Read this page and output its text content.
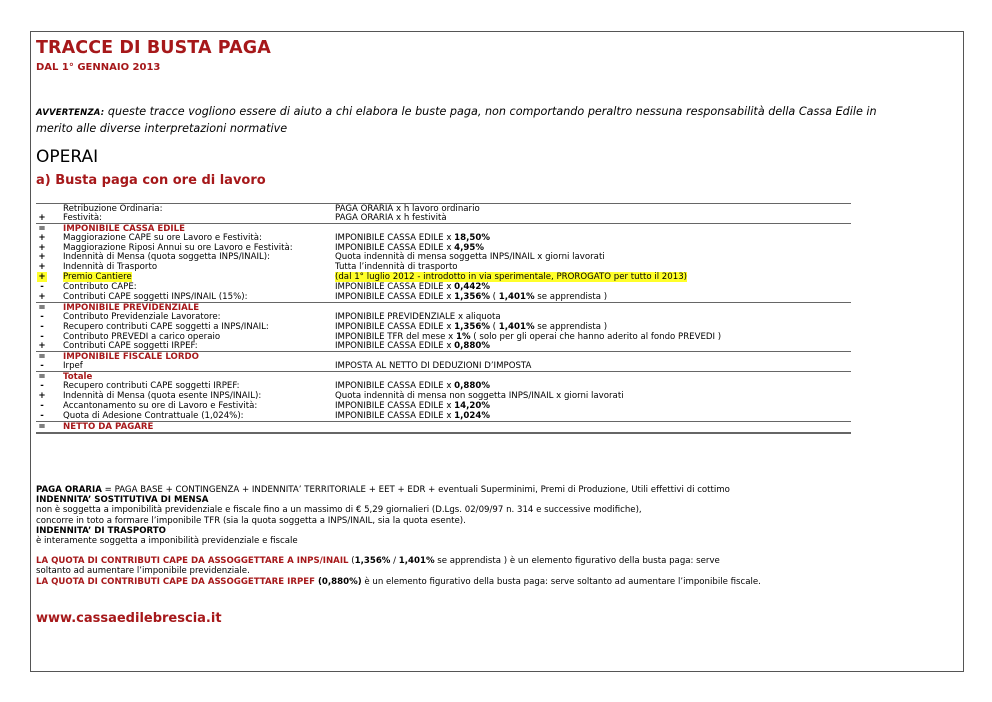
TRACCE DI BUSTA PAGA
DAL 1° GENNAIO 2013
AVVERTENZA: queste tracce vogliono essere di aiuto a chi elabora le buste paga, non comportando peraltro nessuna responsabilità della Cassa Edile in merito alle diverse interpretazioni normative
OPERAI
a) Busta paga con ore di lavoro
Retribuzione Ordinaria:	PAGA ORARIA x h lavoro ordinario
+ Festività:	PAGA ORARIA x h festività
= IMPONIBILE CASSA EDILE
+ Maggiorazione CAPE su ore Lavoro e Festività:	IMPONIBILE CASSA EDILE x 18,50%
+ Maggiorazione Riposi Annui su ore Lavoro e Festività:	IMPONIBILE CASSA EDILE x 4,95%
+ Indennità di Mensa (quota soggetta INPS/INAIL):	Quota indennità di mensa soggetta INPS/INAIL x giorni lavorati
+ Indennità di Trasporto	Tutta l’indennità di trasporto
+ Premio Cantiere	(dal 1° luglio 2012 - introdotto in via sperimentale, PROROGATO per tutto il 2013)
-	Contributo CAPE:	IMPONIBILE CASSA EDILE x 0,442%
+ Contributi CAPE soggetti INPS/INAIL (15%):	IMPONIBILE CASSA EDILE x 1,356% ( 1,401% se apprendista )
= IMPONIBILE PREVIDENZIALE
-	Contributo Previdenziale Lavoratore:	IMPONIBILE PREVIDENZIALE x aliquota
-	Recupero contributi CAPE soggetti a INPS/INAIL:	IMPONIBILE CASSA EDILE x 1,356% ( 1,401% se apprendista )
-	Contributo PREVEDI a carico operaio	IMPONIBILE TFR del mese x 1% ( solo per gli operai che hanno aderito al fondo PREVEDI )
+ Contributi CAPE soggetti IRPEF:	IMPONIBILE CASSA EDILE x 0,880%
= IMPONIBILE FISCALE LORDO
-	Irpef	IMPOSTA AL NETTO DI DEDUZIONI D’IMPOSTA
= Totale
-	Recupero contributi CAPE soggetti IRPEF:	IMPONIBILE CASSA EDILE x 0,880%
+ Indennità di Mensa (quota esente INPS/INAIL):	Quota indennità di mensa non soggetta INPS/INAIL x giorni lavorati
-	Accantonamento su ore di Lavoro e Festività:	IMPONIBILE CASSA EDILE x 14,20%
-	Quota di Adesione Contrattuale (1,024%):	IMPONIBILE CASSA EDILE x 1,024%
= NETTO DA PAGARE

PAGA ORARIA = PAGA BASE + CONTINGENZA + INDENNITA’ TERRITORIALE + EET + EDR + eventuali Superminimi, Premi di Produzione, Utili effettivi di cottimo

INDENNITA’ SOSTITUTIVA DI MENSA

non è soggetta a imponibilità previdenziale e fiscale fino a un massimo di € 5,29 giornalieri (D.Lgs. 02/09/97 n. 314 e successive modifiche),

concorre in toto a formare l’imponibile TFR (sia la quota soggetta a INPS/INAIL, sia la quota esente).

INDENNITA’ DI TRASPORTO

è interamente soggetta a imponibilità previdenziale e fiscale

LA QUOTA DI CONTRIBUTI CAPE DA ASSOGGETTARE A INPS/INAIL (1,356% / 1,401% se apprendista ) è un elemento figurativo della busta paga: serve

soltanto ad aumentare l’imponibile previdenziale.

LA QUOTA DI CONTRIBUTI CAPE DA ASSOGGETTARE IRPEF (0,880%) è un elemento figurativo della busta paga: serve soltanto ad aumentare l’imponibile fiscale.

www.cassaedilebrescia.it
